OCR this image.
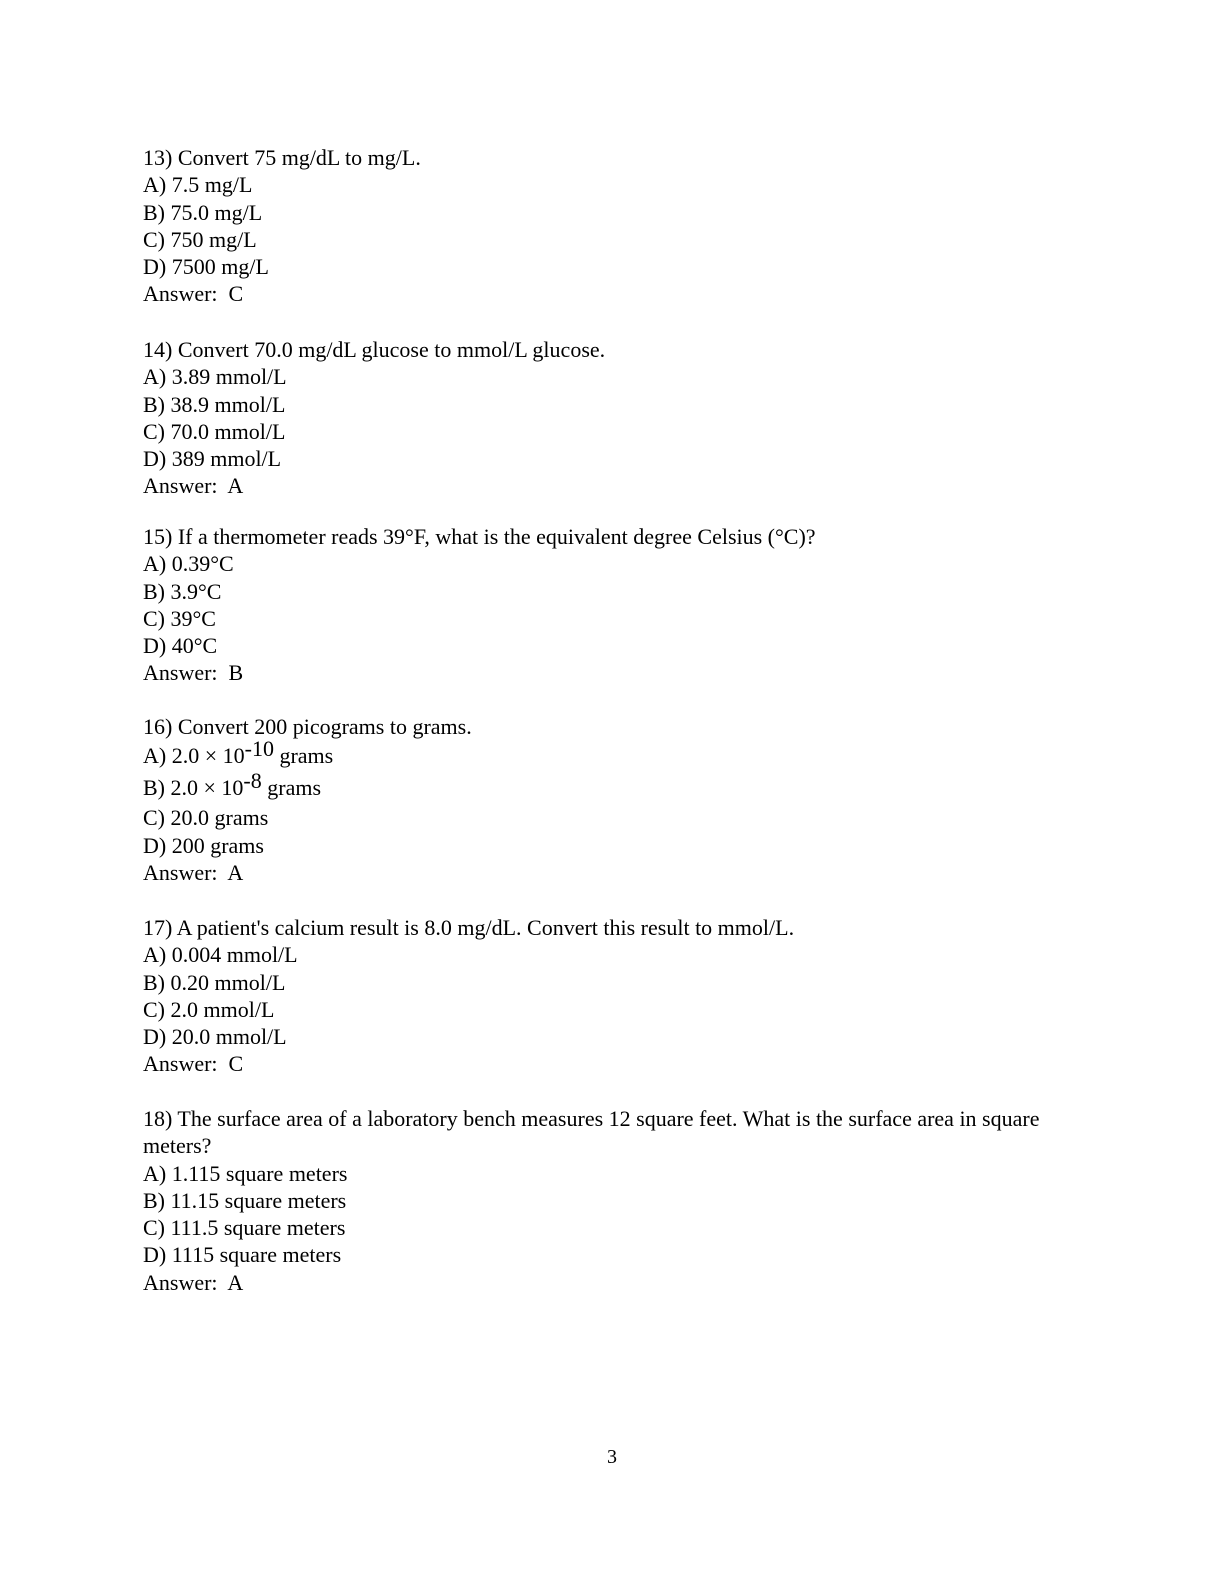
13) Convert 75 mg/dL to mg/L.
A) 7.5 mg/L
B) 75.0 mg/L
C) 750 mg/L
D) 7500 mg/L
Answer:  C
14) Convert 70.0 mg/dL glucose to mmol/L glucose.
A) 3.89 mmol/L
B) 38.9 mmol/L
C) 70.0 mmol/L
D) 389 mmol/L
Answer:  A
15) If a thermometer reads 39°F, what is the equivalent degree Celsius (°C)?
A) 0.39°C
B) 3.9°C
C) 39°C
D) 40°C
Answer:  B
16) Convert 200 picograms to grams.
A) $2.0 \times 10^{-10}$ grams
B) $2.0 \times 10^{-8}$ grams
C) 20.0 grams
D) 200 grams
Answer:  A
17) A patient's calcium result is 8.0 mg/dL. Convert this result to mmol/L.
A) 0.004 mmol/L
B) 0.20 mmol/L
C) 2.0 mmol/L
D) 20.0 mmol/L
Answer:  C
18) The surface area of a laboratory bench measures 12 square feet. What is the surface area in square meters?
A) 1.115 square meters
B) 11.15 square meters
C) 111.5 square meters
D) 1115 square meters
Answer:  A
3
